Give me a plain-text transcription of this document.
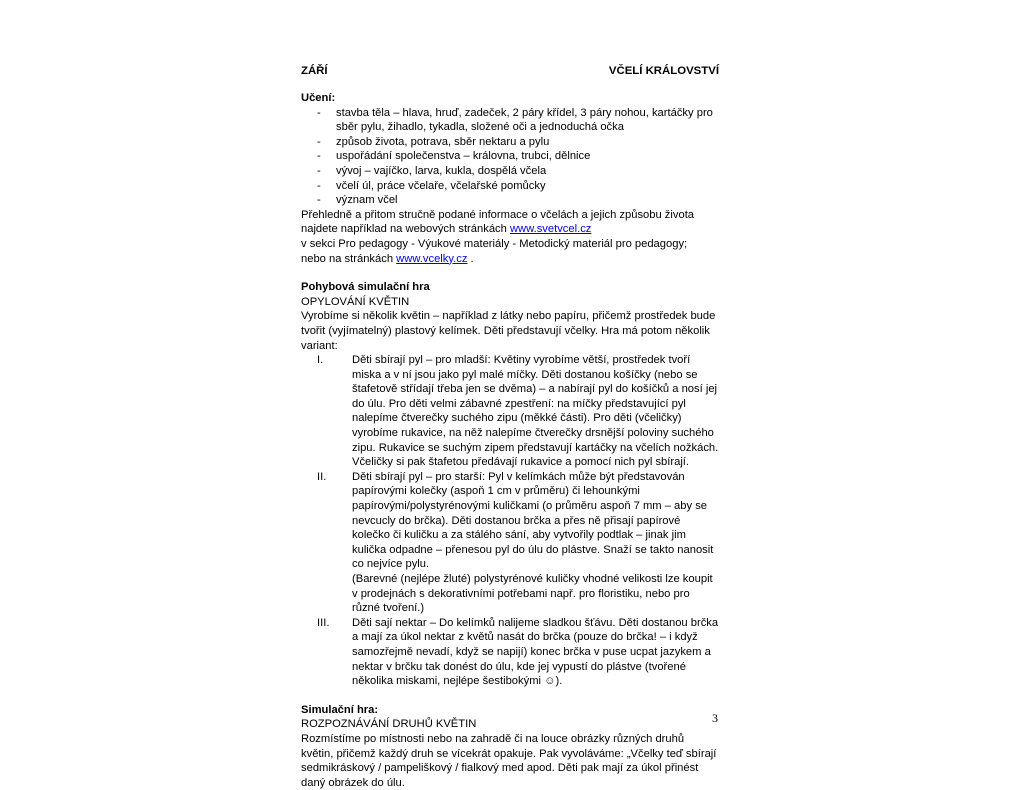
ZÁŘÍ	VČELÍ KRÁLOVSTVÍ

Učení:

- stavba těla – hlava, hruď, zadeček, 2 páry křídel, 3 páry nohou, kartáčky pro sběr pylu, žihadlo, tykadla, složené oči a jednoduchá očka
- způsob života, potrava, sběr nektaru a pylu
- uspořádání společenstva – královna, trubci, dělnice
- vývoj – vajíčko, larva, kukla, dospělá včela
- včelí úl, práce včelaře, včelařské pomůcky
- význam včel

Přehledně a přitom stručně podané informace o včelách a jejich způsobu života najdete například na webových stránkách www.svetvcel.cz

v sekci Pro pedagogy - Výukové materiály - Metodický materiál pro pedagogy;

nebo na stránkách www.vcelky.cz .

Pohybová simulační hra

OPYLOVÁNÍ KVĚTIN

Vyrobíme si několik květin – například z látky nebo papíru, přičemž prostředek bude tvořit (vyjímatelný) plastový kelímek. Děti představují včelky. Hra má potom několik variant:

I.	Děti sbírají pyl – pro mladší: Květiny vyrobíme větší, prostředek tvoří miska a v ní jsou jako pyl malé míčky. Děti dostanou košíčky (nebo se štafetově střídají třeba jen se dvěma) – a nabírají pyl do košíčků a nosí jej do úlu. Pro děti velmi zábavné zpestření: na míčky představující pyl nalepíme čtverečky suchého zipu (měkké části). Pro děti (včeličky) vyrobíme rukavice, na něž nalepíme čtverečky drsnější poloviny suchého zipu. Rukavice se suchým zipem představují kartáčky na včelích nožkách. Včeličky si pak štafetou předávají rukavice a pomocí nich pyl sbírají.
II. Děti sbírají pyl – pro starší: Pyl v kelímkách může být představován papírovými kolečky (aspoň 1 cm v průměru) či lehounkými papírovými/polystyrénovými kuličkami (o průměru aspoň 7 mm – aby se nevcucly do brčka). Děti dostanou brčka a přes ně přisají papírové kolečko či kuličku a za stálého sání, aby vytvořily podtlak – jinak jim kulička odpadne – přenesou pyl do úlu do plástve. Snaží se takto nanosit co nejvíce pylu.

(Barevné (nejlépe žluté) polystyrénové kuličky vhodné velikosti lze koupit v prodejnách s dekorativními potřebami např. pro floristiku, nebo pro různé tvoření.)

III. Děti sají nektar – Do kelímků nalijeme sladkou šťávu. Děti dostanou brčka a mají za úkol nektar z květů nasát do brčka (pouze do brčka! – i když samozřejmě nevadí, když se napijí) konec brčka v puse ucpat jazykem a nektar v brčku tak donést do úlu, kde jej vypustí do plástve (tvořené několika miskami, nejlépe šestibokými ☺).

Simulační hra:

ROZPOZNÁVÁNÍ DRUHŮ KVĚTIN

Rozmístíme po místnosti nebo na zahradě či na louce obrázky různých druhů květin, přičemž každý druh se vícekrát opakuje. Pak vyvoláváme: „Včelky teď sbírají sedmikráskový / pampeliškový / fialkový med apod. Děti pak mají za úkol přinést daný obrázek do úlu.

3
